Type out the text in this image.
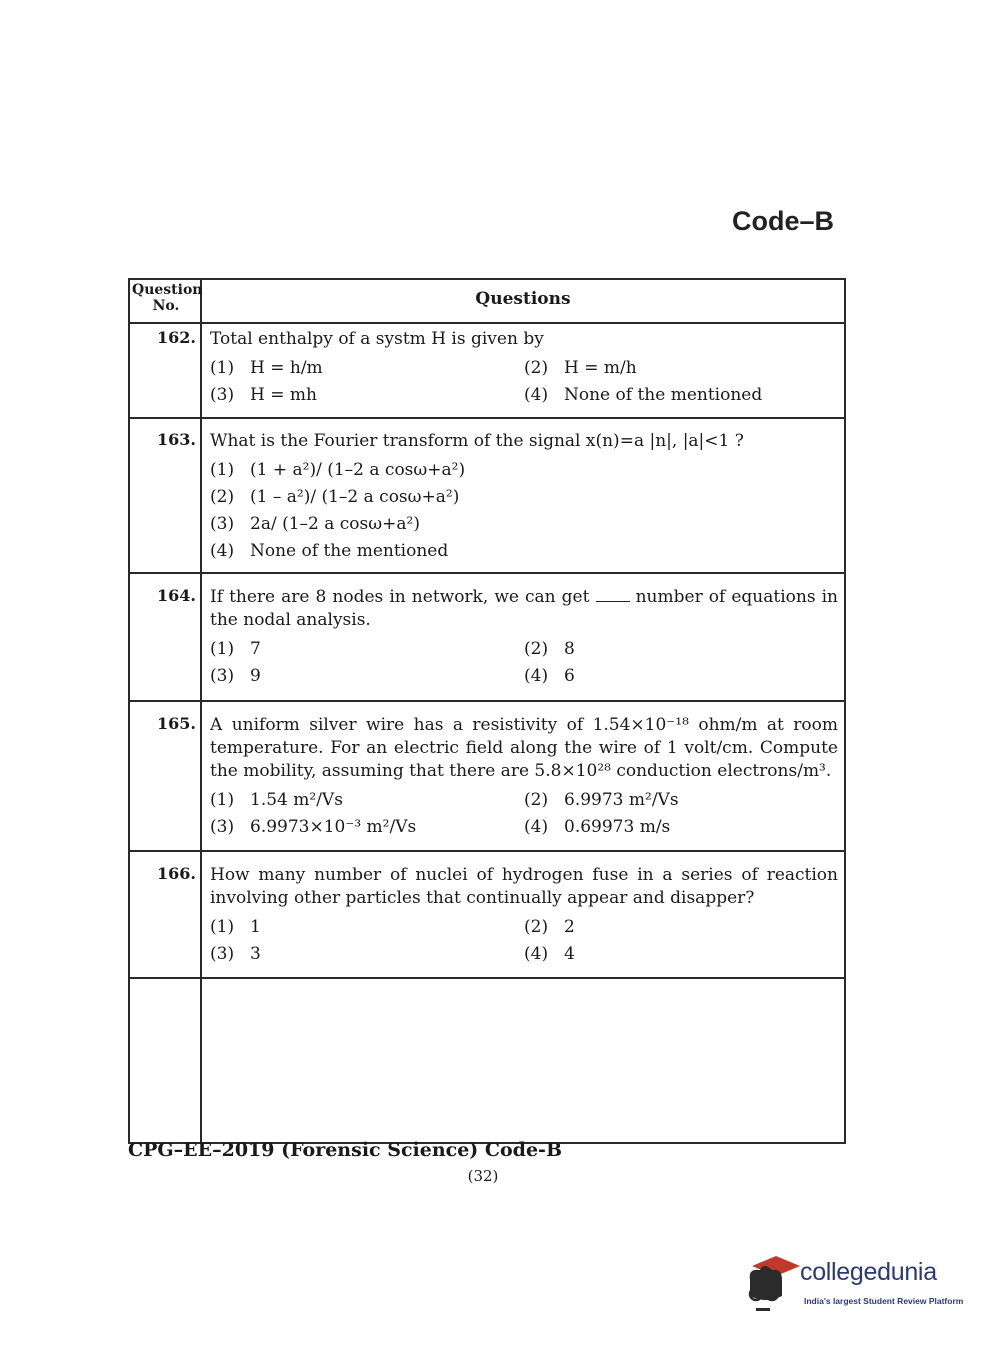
Code–B
Question No.	Questions
162. Total enthalpy of a systm H is given by

(1) H = h/m	(2) H = m/h
(3) H = mh	(4) None of the mentioned
163. What is the Fourier transform of the signal x(n)=a |n|, |a|<1 ?

(1) (1 + a²)/ (1–2 a cosω+a²)
(2) (1 – a²)/ (1–2 a cosω+a²)
(3) 2a/ (1–2 a cosω+a²)
(4) None of the mentioned
164. If there are 8 nodes in network, we can get	number of equations in the nodal analysis.

(1) 7	(2) 8
(3) 9	(4) 6
165. A uniform silver wire has a resistivity of 1.54×10⁻¹⁸ ohm/m at room temperature. For an electric field along the wire of 1 volt/cm. Compute the mobility, assuming that there are 5.8×10²⁸ conduction electrons/m³.

(1) 1.54 m²/Vs	(2) 6.9973 m²/Vs
(3) 6.9973×10⁻³ m²/Vs	(4) 0.69973 m/s
166. How many number of nuclei of hydrogen fuse in a series of reaction involving other particles that continually appear and disapper?

(1) 1	(2) 2
(3) 3	(4) 4
CPG–EE–2019 (Forensic Science) Code-B
(32)
collegedunia
India's largest Student Review Platform
